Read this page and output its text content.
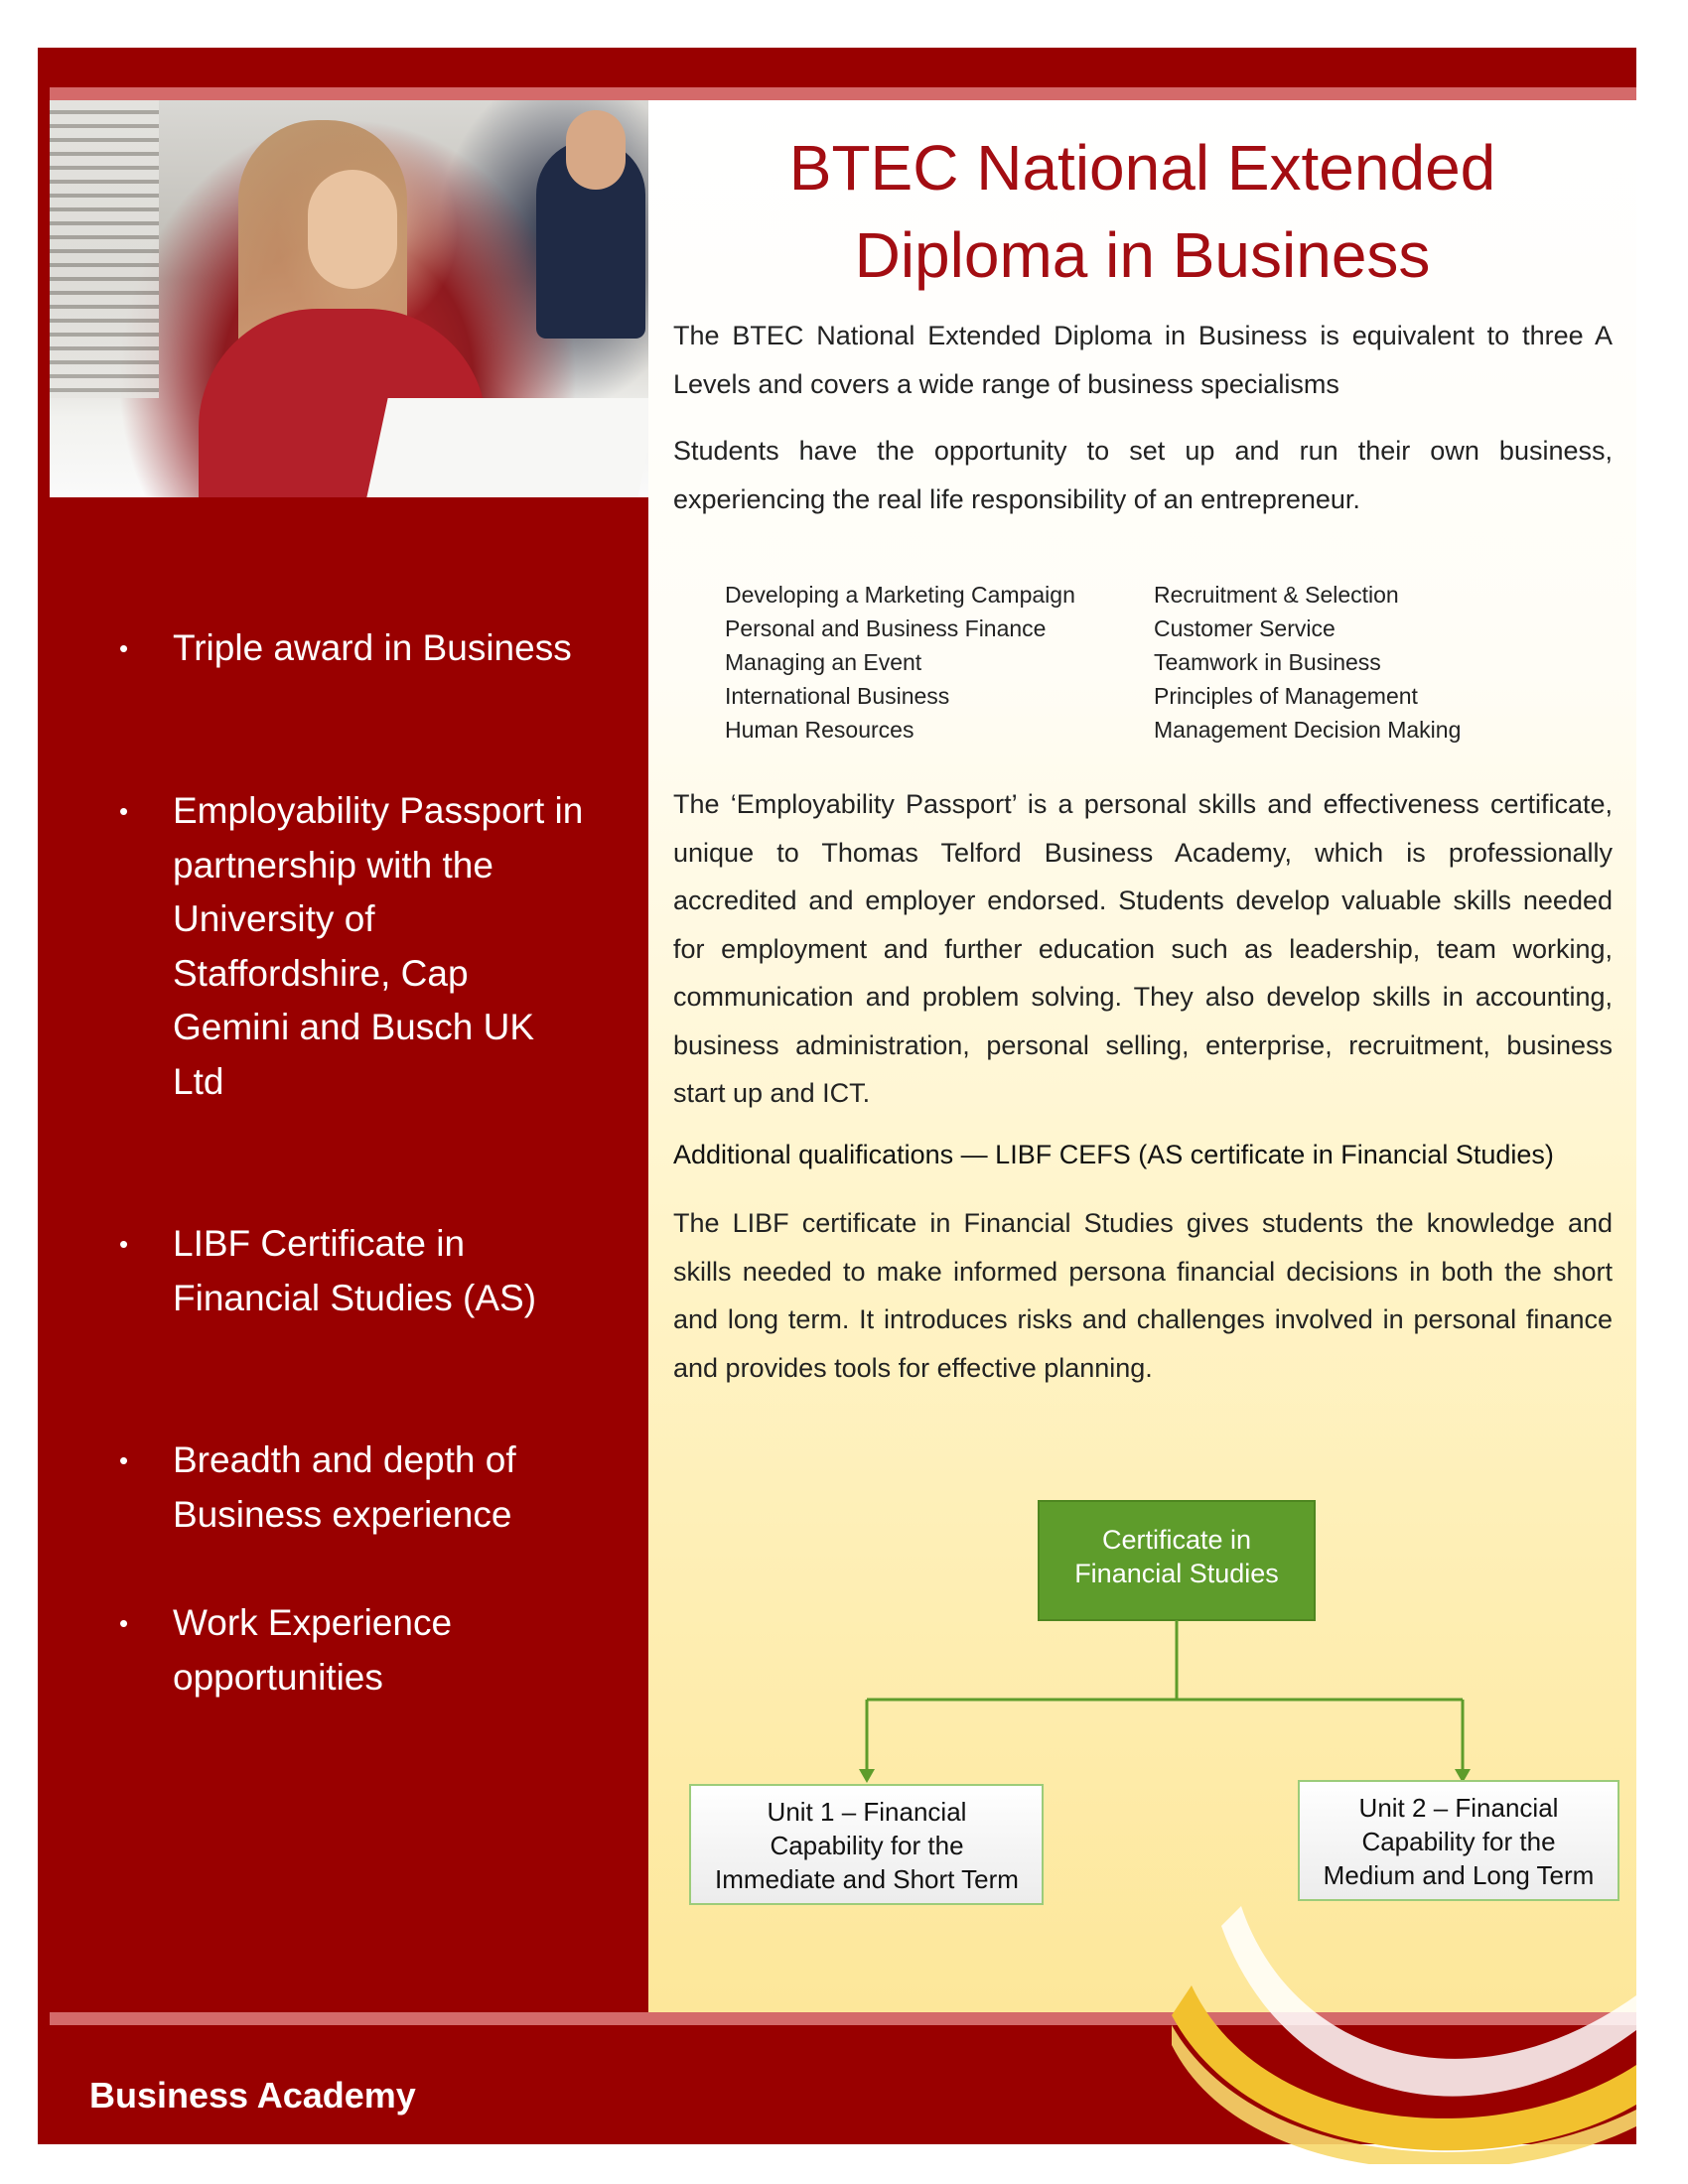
BTEC National Extended
Diploma in Business

The BTEC National Extended Diploma in Business is equivalent to three A Levels and covers a wide range of business specialisms

Students have the opportunity to set up and run their own business, experiencing the real life responsibility of an entrepreneur.

Developing a Marketing Campaign	Recruitment & Selection
Personal and Business Finance	Customer Service
Managing an Event	Teamwork in Business
International Business	Principles of Management
Human Resources	Management Decision Making

The ‘Employability Passport’ is a personal skills and effectiveness certificate, unique to Thomas Telford Business Academy, which is professionally accredited and employer endorsed. Students develop valuable skills needed for employment and further education such as leadership, team working, communication and problem solving. They also develop skills in accounting, business administration, personal selling, enterprise, recruitment, business start up and ICT.

Additional qualifications — LIBF CEFS (AS certificate in Financial Studies)

The LIBF certificate in Financial Studies gives students the knowledge and skills needed to make informed persona financial decisions in both the short and long term. It introduces risks and challenges involved in personal finance and provides tools for effective planning.

• Triple award in Business
• Employability Passport in partnership with the University of Staffordshire, Cap Gemini and Busch UK Ltd
• LIBF Certificate in Financial Studies (AS)
• Breadth and depth of Business experience
• Work Experience opportunities
Certificate in
Financial Studies
Unit 1 – Financial
Capability for the
Immediate and Short Term
Unit 2 – Financial
Capability for the
Medium and Long Term
Business Academy
